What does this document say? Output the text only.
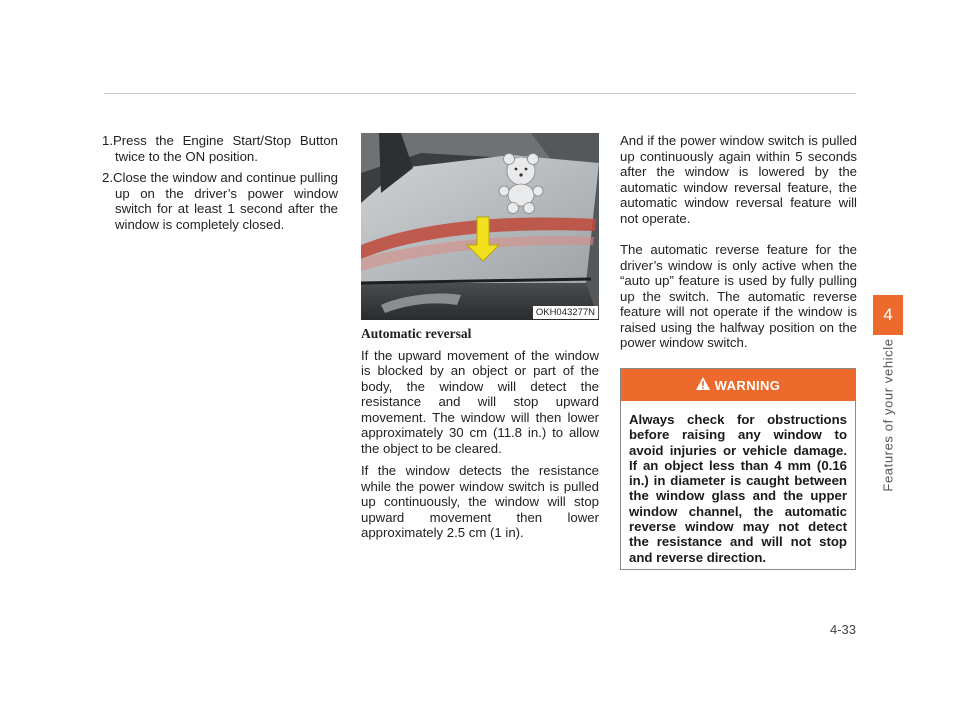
1.Press the Engine Start/Stop Button twice to the ON position.
2.Close the window and continue pulling up on the driver’s power window switch for at least 1 second after the window is completely closed.
OKH043277N
Automatic reversal

If the upward movement of the window is blocked by an object or part of the body, the window will detect the resistance and will stop upward movement. The window will then lower approximately 30 cm (11.8 in.) to allow the object to be cleared.

If the window detects the resistance while the power window switch is pulled up continuously, the window will stop upward movement then lower approximately 2.5 cm (1 in).

And if the power window switch is pulled up continuously again within 5 seconds after the window is lowered by the automatic window reversal feature, the automatic window reversal feature will not operate.

The automatic reverse feature for the driver’s window is only active when the “auto up” feature is used by fully pulling up the switch. The automatic reverse feature will not operate if the window is raised using the halfway position on the power window switch.

WARNING
Always check for obstructions before raising any window to avoid injuries or vehicle damage. If an object less than 4 mm (0.16 in.) in diameter is caught between the window glass and the upper window channel, the automatic reverse window may not detect the resistance and will not stop and reverse direction.
4
Features of your vehicle
4-33
